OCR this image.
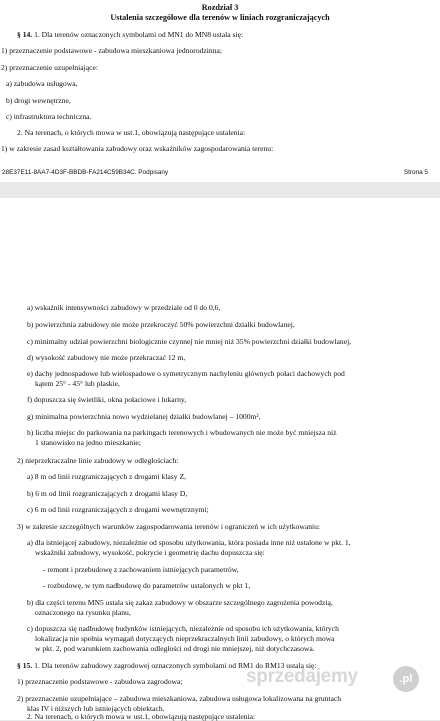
Rozdział 3
Ustalenia szczegółowe dla terenów w liniach rozgraniczających
§ 14. 1. Dla terenów oznaczonych symbolami od MN1 do MN8 ustala się:
1) przeznaczenie podstawowe - zabudowa mieszkaniowa jednorodzinna;
2) przeznaczenie uzupełniające:
a) zabudowa usługowa,
b) drogi wewnętrzne,
c) infrastruktura techniczna.
2. Na terenach, o których mowa w ust.1, obowiązują następujące ustalenia:
1) w zakresie zasad kształtowania zabudowy oraz wskaźników zagospodarowania terenu:
28E37E11-8AA7-4D3F-BBDB-FA214C59B34C. Podpisany	Strona 5
a) wskaźnik intensywności zabudowy w przedziale od 0 do 0,6,
b) powierzchnia zabudowy nie może przekroczyć 50% powierzchni działki budowlanej,
c) minimalny udział powierzchni biologicznie czynnej nie mniej niż 35% powierzchni działki budowlanej,
d) wysokość zabudowy nie może przekraczać 12 m,
e) dachy jednospadowe lub wielospadowe o symetrycznym nachyleniu głównych połaci dachowych pod
kątem 25° - 45° lub płaskie,
f) dopuszcza się świetliki, okna połaciowe i lukarny,
g) minimalna powierzchnia nowo wydzielanej działki budowlanej – 1000m²,
h) liczba miejsc do parkowania na parkingach terenowych i wbudowanych nie może być mniejsza niż
1 stanowisko na jedno mieszkanie;
2) nieprzekraczalne linie zabudowy w odległościach:
a) 8 m od linii rozgraniczających z drogami klasy Z,
b) 6 m od linii rozgraniczających z drogami klasy D,
c) 6 m od linii rozgraniczających z drogami wewnętrznymi;
3) w zakresie szczególnych warunków zagospodarowania terenów i ograniczeń w ich użytkowaniu:
a) dla istniejącej zabudowy, niezależnie od sposobu użytkowania, która posiada inne niż ustalone w pkt. 1,
wskaźniki zabudowy, wysokość, pokrycie i geometrię dachu dopuszcza się:
- remont i przebudowę z zachowaniem istniejących parametrów,
- rozbudowę, w tym nadbudowę do parametrów ustalonych w pkt 1,
b) dla części terenu MN5 ustala się zakaz zabudowy w obszarze szczególnego zagrożenia powodzią,
oznaczonego na rysunku planu,
c) dopuszcza się nadbudowę budynków istniejących, niezależnie od sposobu ich użytkowania, których
lokalizacja nie spełnia wymagań dotyczących nieprzekraczalnych linii zabudowy, o których mowa
w pkt. 2, pod warunkiem zachowania odległości od drogi nie mniejszej, niż dotychczasowa.
§ 15. 1. Dla terenów zabudowy zagrodowej oznaczonych symbolami od RM1 do RM13 ustala się:
1) przeznaczenie podstawowe - zabudowa zagrodowa;
2) przeznaczenie uzupełniające – zabudowa mieszkaniowa, zabudowa usługowa lokalizowana na gruntach
klas IV i niższych lub istniejących obiektach.
2. Na terenach, o których mowa w ust.1, obowiązują następujące ustalenia:
sprzedajemy	.pl
